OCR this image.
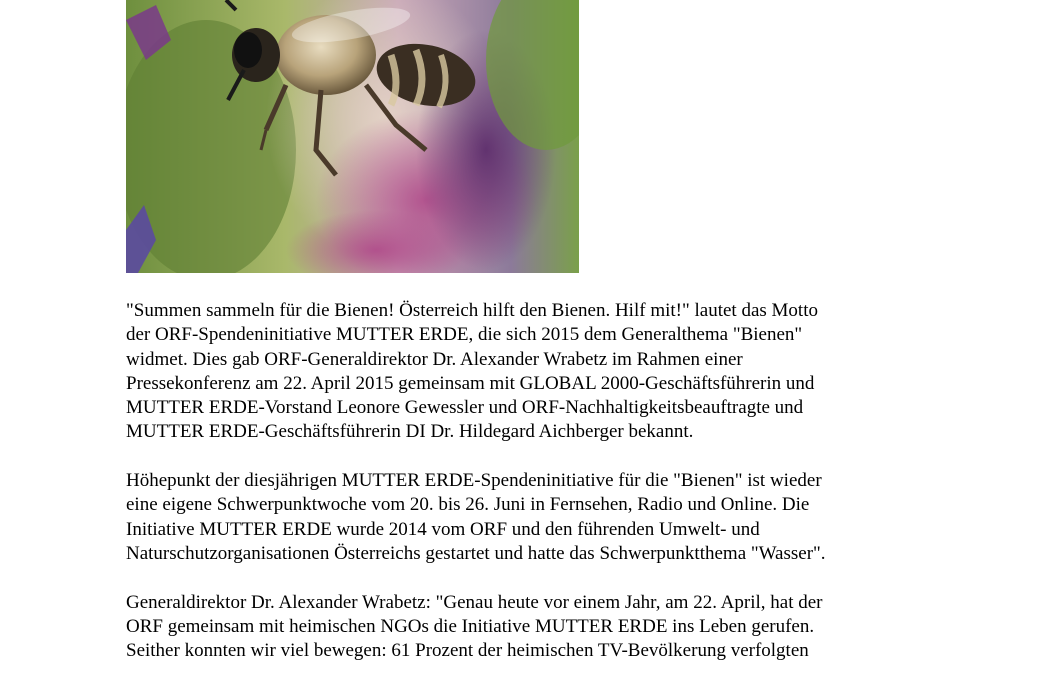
"Summen sammeln für die Bienen! Österreich hilft den Bienen. Hilf mit!" lautet das Motto
der ORF-Spendeninitiative MUTTER ERDE, die sich 2015 dem Generalthema "Bienen"
widmet. Dies gab ORF-Generaldirektor Dr. Alexander Wrabetz im Rahmen einer
Pressekonferenz am 22. April 2015 gemeinsam mit GLOBAL 2000-Geschäftsführerin und
MUTTER ERDE-Vorstand Leonore Gewessler und ORF-Nachhaltigkeitsbeauftragte und
MUTTER ERDE-Geschäftsführerin DI Dr. Hildegard Aichberger bekannt.

Höhepunkt der diesjährigen MUTTER ERDE-Spendeninitiative für die "Bienen" ist wieder
eine eigene Schwerpunktwoche vom 20. bis 26. Juni in Fernsehen, Radio und Online. Die
Initiative MUTTER ERDE wurde 2014 vom ORF und den führenden Umwelt- und
Naturschutzorganisationen Österreichs gestartet und hatte das Schwerpunktthema "Wasser".

Generaldirektor Dr. Alexander Wrabetz: "Genau heute vor einem Jahr, am 22. April, hat der
ORF gemeinsam mit heimischen NGOs die Initiative MUTTER ERDE ins Leben gerufen.
Seither konnten wir viel bewegen: 61 Prozent der heimischen TV-Bevölkerung verfolgten
